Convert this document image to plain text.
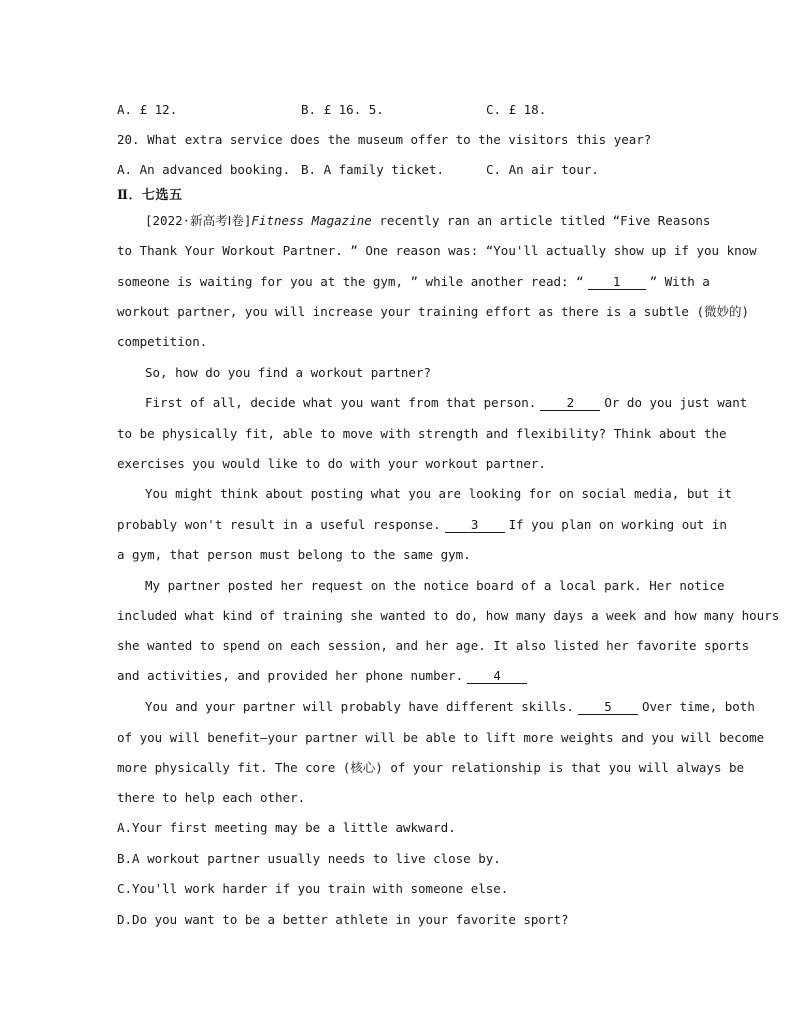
A. £ 12.	B. £ 16. 5.	C. £ 18.
20. What extra service does the museum offer to the visitors this year?
A. An advanced booking. B. A family ticket.	C. An air tour.
Ⅱ．七选五
[2022·新高考Ⅰ卷]Fitness Magazine recently ran an article titled “Five Reasons
to Thank Your Workout Partner. ” One reason was: “You'll actually show up if you know
someone is waiting for you at the gym, ” while another read: “ 1 ” With a
workout partner, you will increase your training effort as there is a subtle (微妙的)
competition.
So, how do you find a workout partner?
First of all, decide what you want from that person. 2 Or do you just want
to be physically fit, able to move with strength and flexibility? Think about the
exercises you would like to do with your workout partner.
You might think about posting what you are looking for on social media, but it
probably won't result in a useful response. 3 If you plan on working out in
a gym, that person must belong to the same gym.
My partner posted her request on the notice board of a local park. Her notice
included what kind of training she wanted to do, how many days a week and how many hours
she wanted to spend on each session, and her age. It also listed her favorite sports
and activities, and provided her phone number. 4
You and your partner will probably have different skills. 5 Over time, both
of you will benefit—your partner will be able to lift more weights and you will become
more physically fit. The core (核心) of your relationship is that you will always be
there to help each other.
A.Your first meeting may be a little awkward.
B.A workout partner usually needs to live close by.
C.You'll work harder if you train with someone else.
D.Do you want to be a better athlete in your favorite sport?
